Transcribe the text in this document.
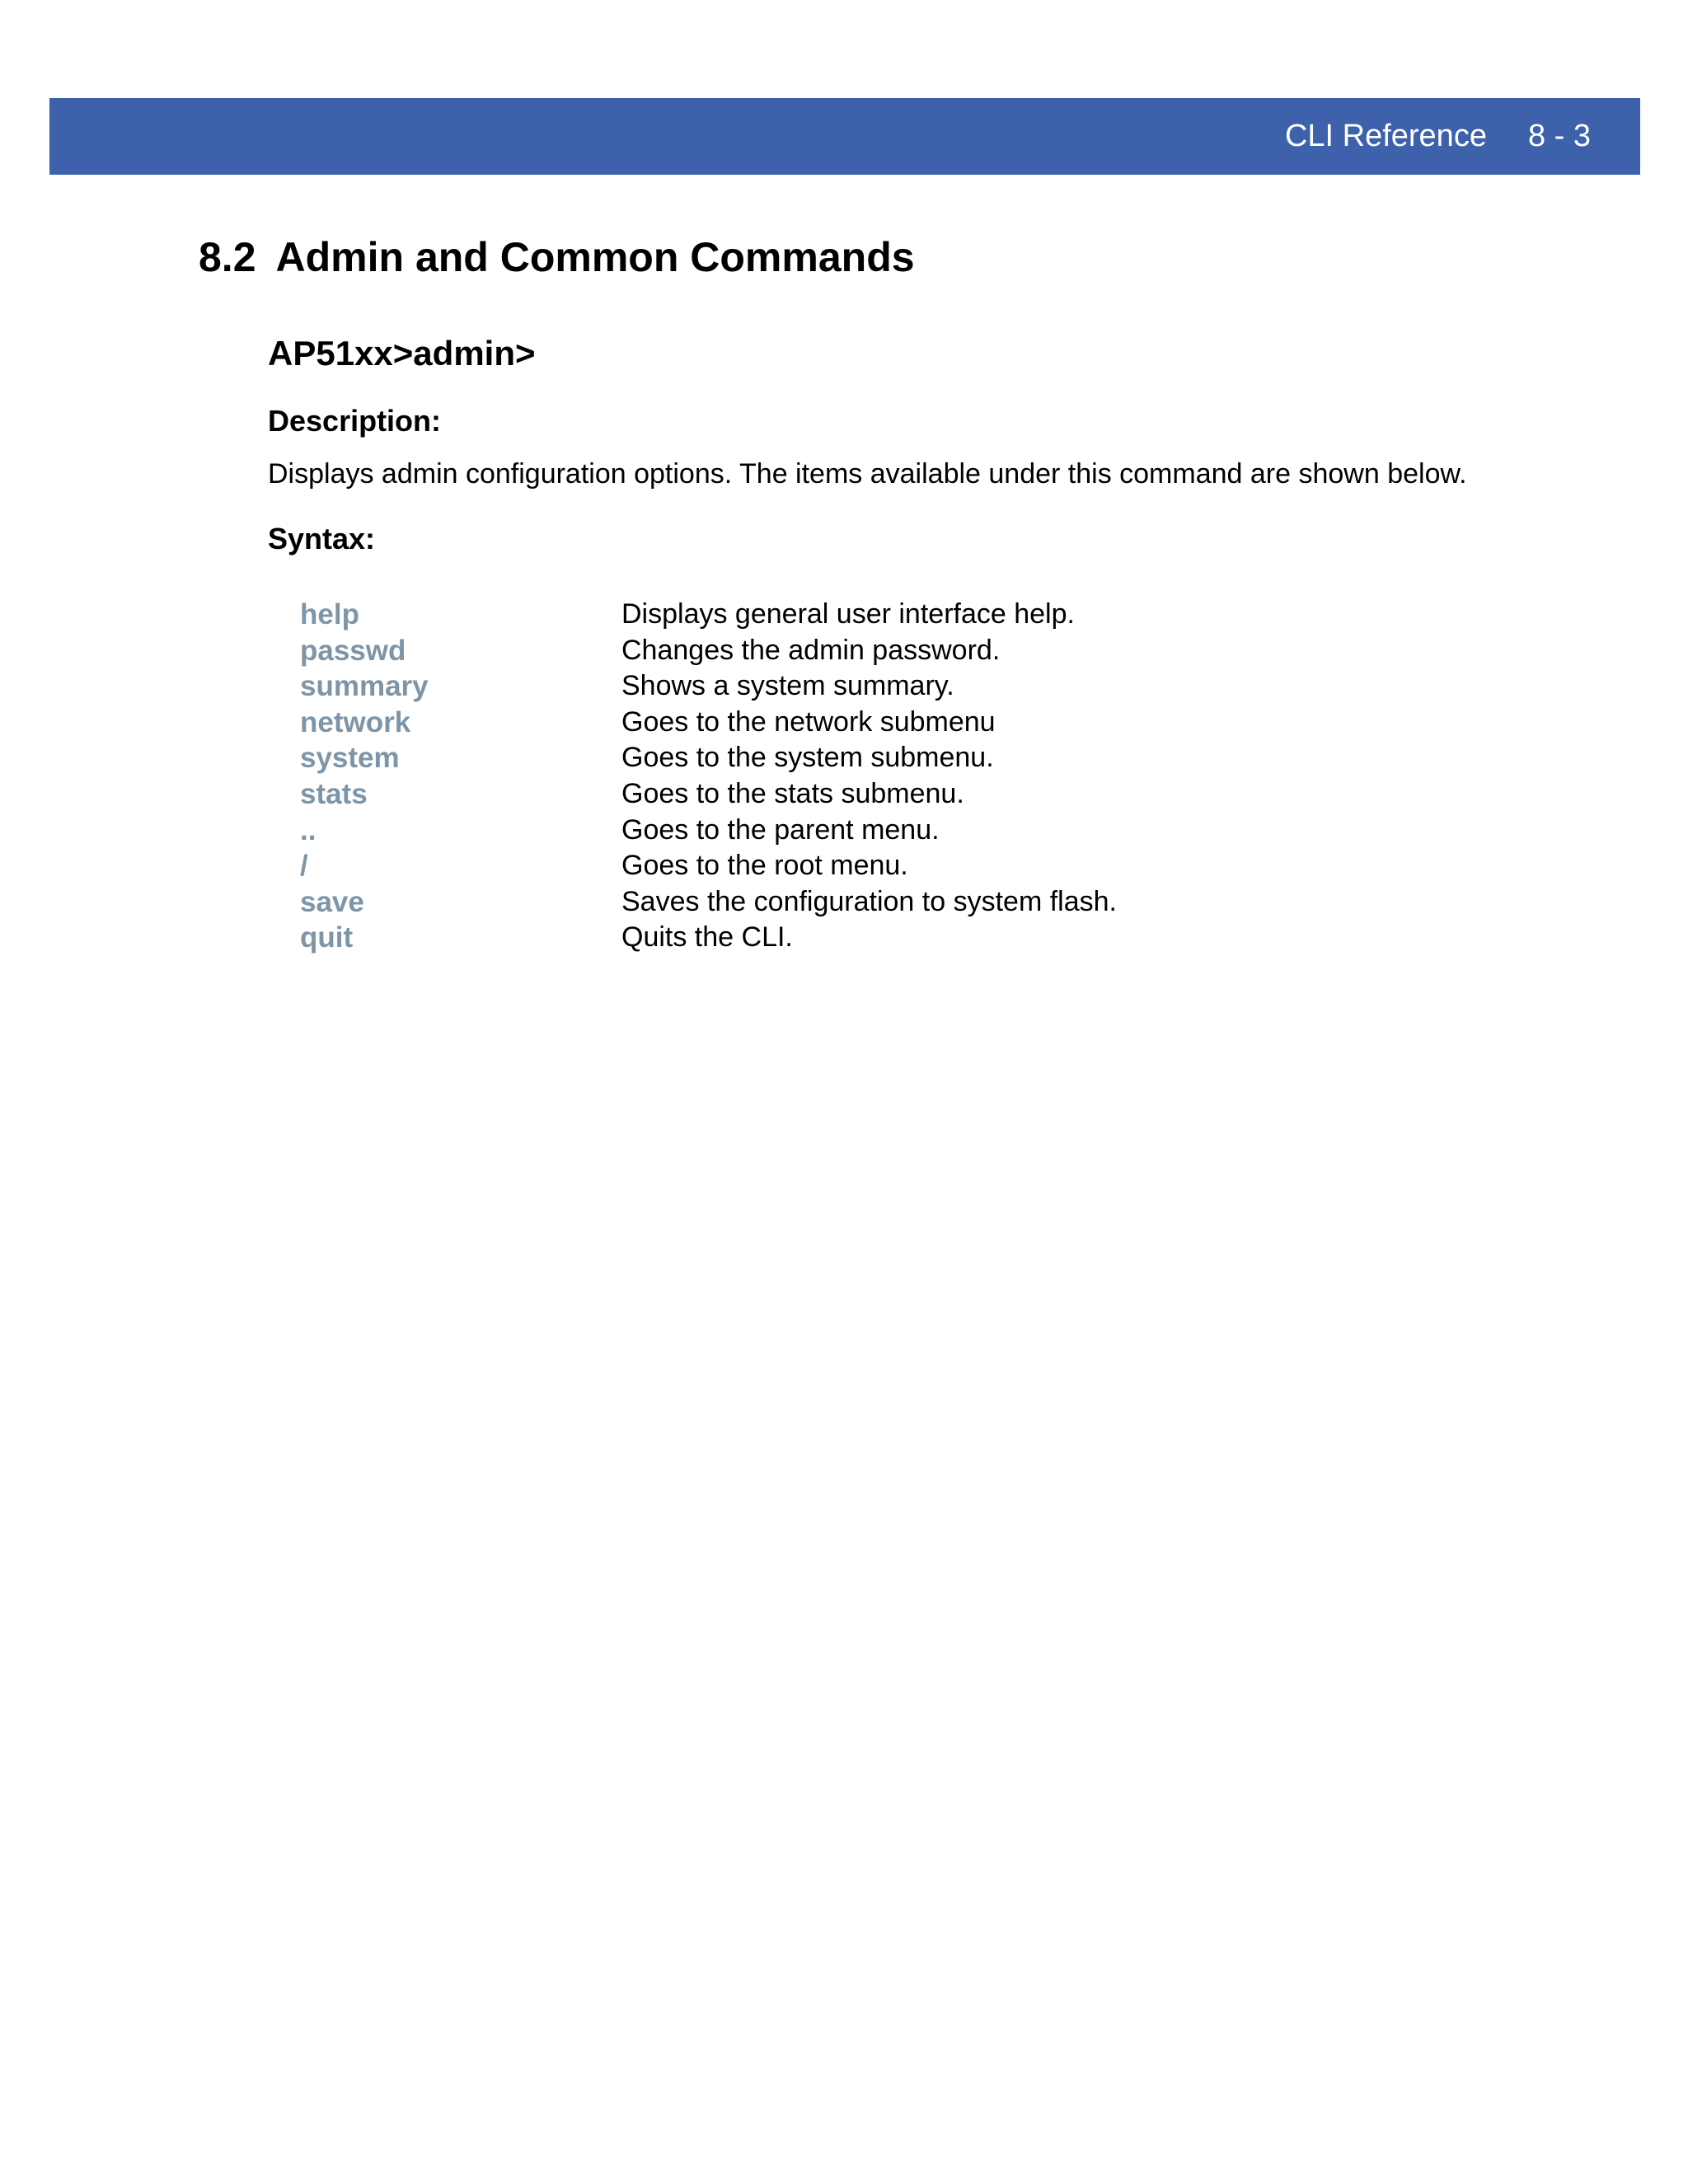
CLI Reference 8 - 3
8.2 Admin and Common Commands
AP51xx>admin>
Description:

Displays admin configuration options. The items available under this command are shown below.

Syntax:
help	Displays general user interface help.
passwd	Changes the admin password.
summary	Shows a system summary.
network	Goes to the network submenu
system	Goes to the system submenu.
stats	Goes to the stats submenu.
..	Goes to the parent menu.
/	Goes to the root menu.
save	Saves the configuration to system flash.
quit	Quits the CLI.
